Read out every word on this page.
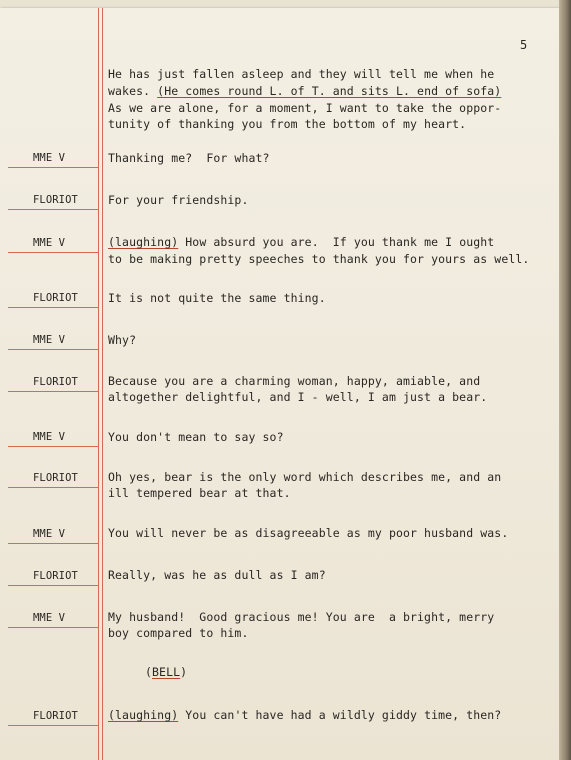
5
He has just fallen asleep and they will tell me when he
wakes. (He comes round L. of T. and sits L. end of sofa)
As we are alone, for a moment, I want to take the oppor-
tunity of thanking you from the bottom of my heart.
MME V	Thanking me?  For what?
FLORIOT	For your friendship.
MME V	(laughing) How absurd you are.  If you thank me I ought
to be making pretty speeches to thank you for yours as well.
FLORIOT	It is not quite the same thing.
MME V	Why?
FLORIOT	Because you are a charming woman, happy, amiable, and
altogether delightful, and I - well, I am just a bear.
MME V	You don't mean to say so?
FLORIOT	Oh yes, bear is the only word which describes me, and an
ill tempered bear at that.
MME V	You will never be as disagreeable as my poor husband was.
FLORIOT	Really, was he as dull as I am?
MME V	My husband!  Good gracious me! You are  a bright, merry
boy compared to him.
(BELL)
FLORIOT	(laughing) You can't have had a wildly giddy time, then?
